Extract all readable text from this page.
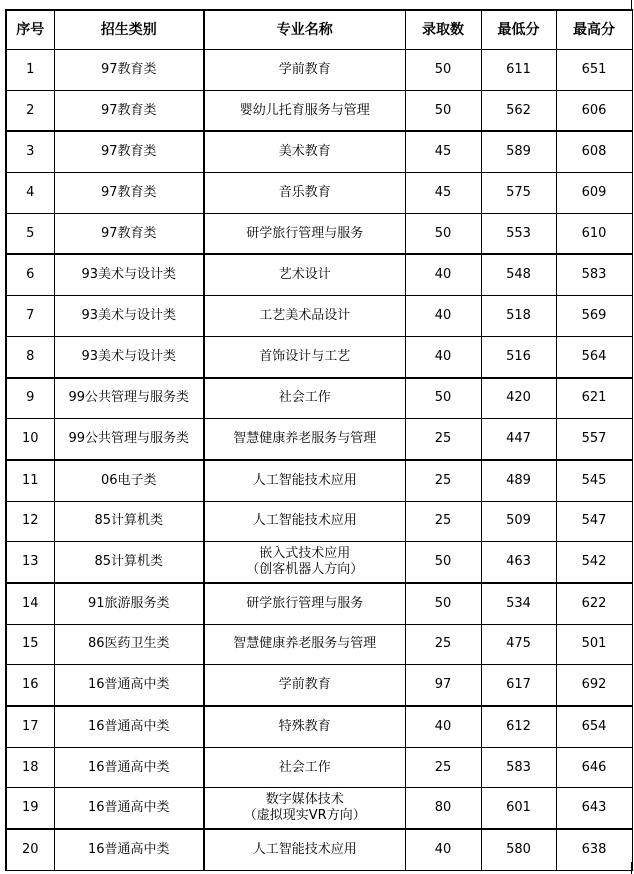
序号	招生类别	专业名称	录取数	最低分	最高分

1	97教育类	学前教育	50	611	651

2	97教育类	婴幼儿托育服务与管理	50	562	606

3	97教育类	美术教育	45	589	608

4	97教育类	音乐教育	45	575	609

5	97教育类	研学旅行管理与服务	50	553	610

6	93美术与设计类	艺术设计	40	548	583

7	93美术与设计类	工艺美术品设计	40	518	569

8	93美术与设计类	首饰设计与工艺	40	516	564

9	99公共管理与服务类	社会工作	50	420	621

10	99公共管理与服务类	智慧健康养老服务与管理	25	447	557

11	06电子类	人工智能技术应用	25	489	545

12	85计算机类	人工智能技术应用	25	509	547

13	85计算机类	嵌入式技术应用
（创客机器人方向）	50	463	542

14	91旅游服务类	研学旅行管理与服务	50	534	622

15	86医药卫生类	智慧健康养老服务与管理	25	475	501

16	16普通高中类	学前教育	97	617	692

17	16普通高中类	特殊教育	40	612	654

18	16普通高中类	社会工作	25	583	646

19	16普通高中类	数字媒体技术
（虚拟现实VR方向）	80	601	643

20	16普通高中类	人工智能技术应用	40	580	638
